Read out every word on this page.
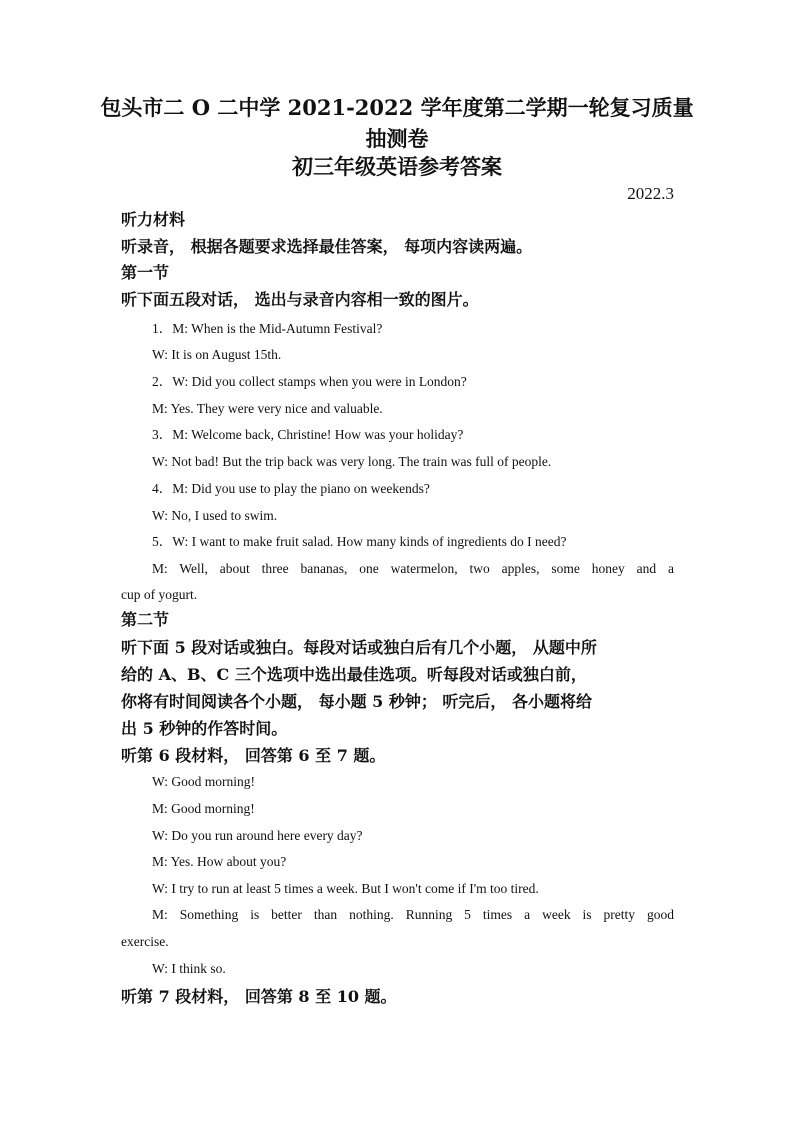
包头市二 O 二中学 2021-2022 学年度第二学期一轮复习质量
抽测卷
初三年级英语参考答案
2022.3
听力材料
听录音， 根据各题要求选择最佳答案， 每项内容读两遍。
第一节
听下面五段对话， 选出与录音内容相一致的图片。
1．M: When is the Mid-Autumn Festival?
W: It is on August 15th.
2．W: Did you collect stamps when you were in London?
M: Yes. They were very nice and valuable.
3．M: Welcome back, Christine! How was your holiday?
W: Not bad! But the trip back was very long. The train was full of people.
4．M: Did you use to play the piano on weekends?
W: No, I used to swim.
5．W: I want to make fruit salad. How many kinds of ingredients do I need?
M: Well, about three bananas, one watermelon, two apples, some honey and a
cup of yogurt.
第二节
听下面 5 段对话或独白。每段对话或独白后有几个小题， 从题中所
给的 A、B、C 三个选项中选出最佳选项。听每段对话或独白前，
你将有时间阅读各个小题， 每小题 5 秒钟； 听完后， 各小题将给
出 5 秒钟的作答时间。
听第 6 段材料， 回答第 6 至 7 题。
W: Good morning!
M: Good morning!
W: Do you run around here every day?
M: Yes. How about you?
W: I try to run at least 5 times a week. But I won't come if I'm too tired.
M: Something is better than nothing. Running 5 times a week is pretty good
exercise.
W: I think so.
听第 7 段材料， 回答第 8 至 10 题。
